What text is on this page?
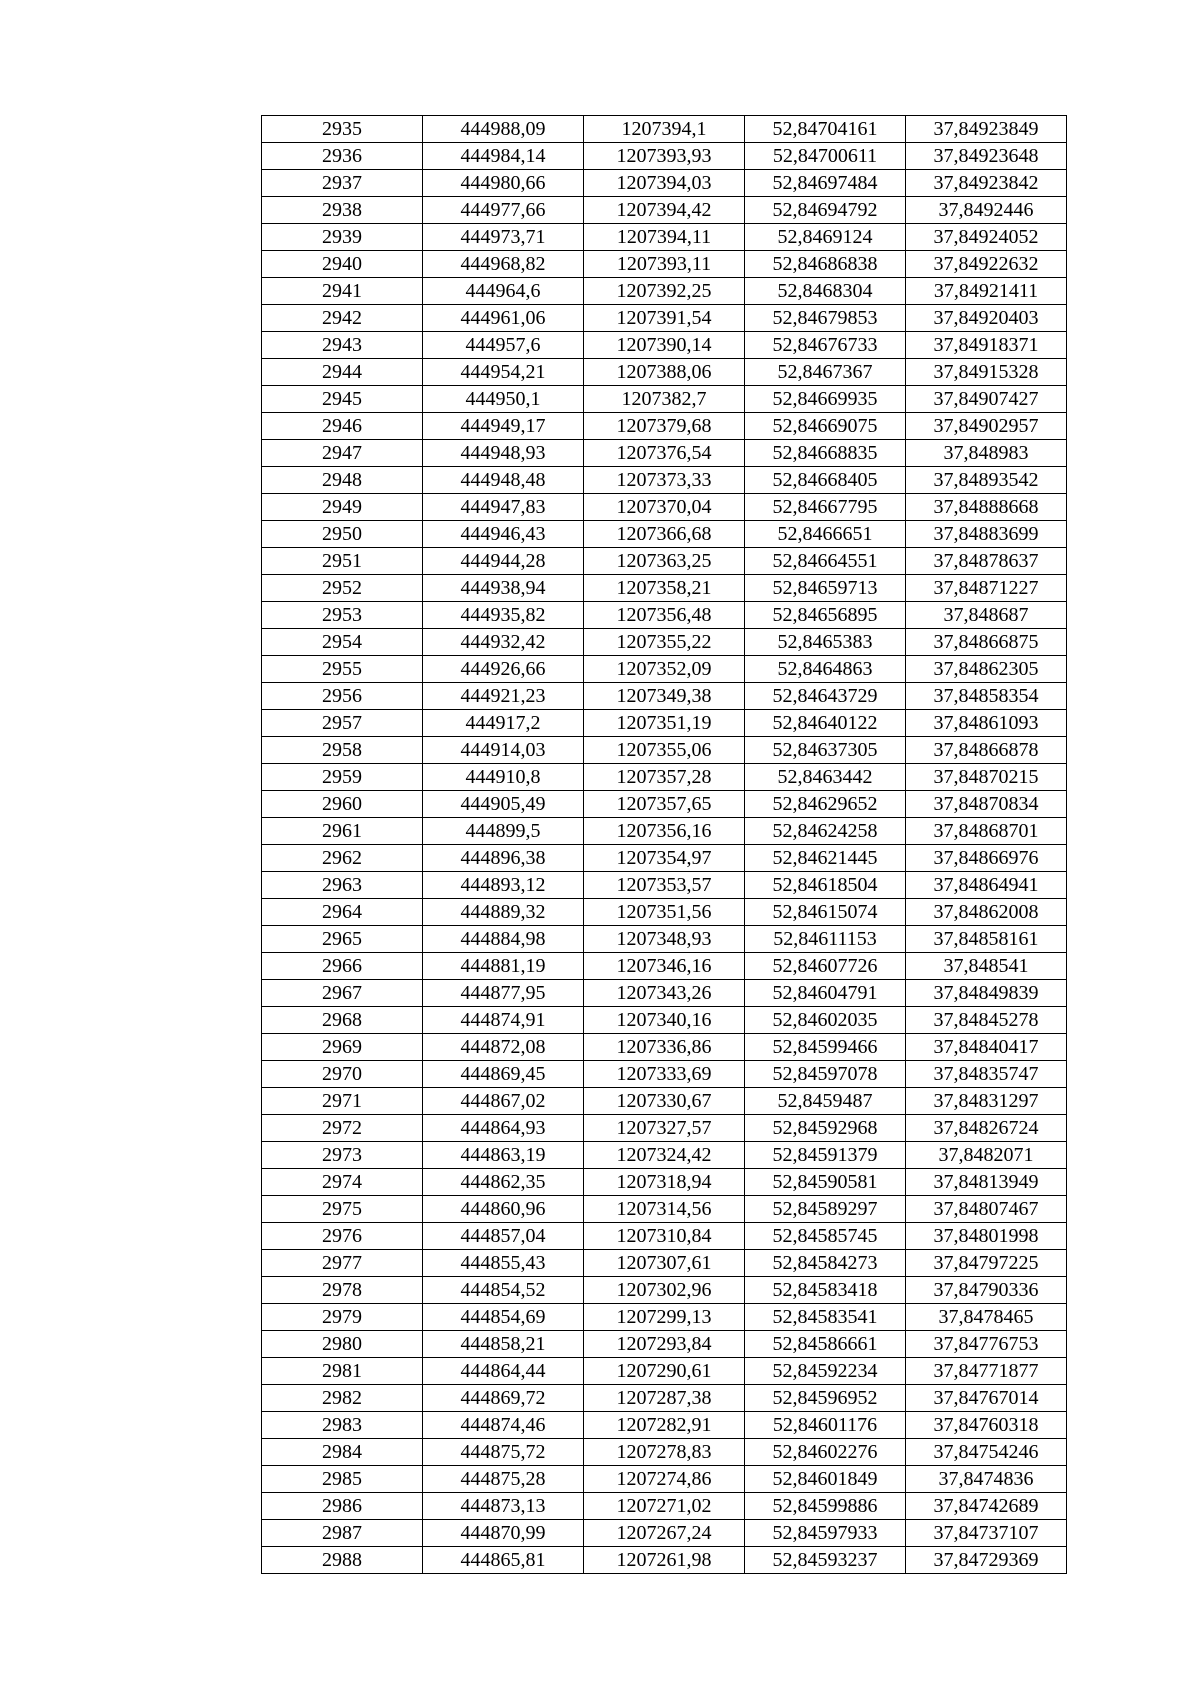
2935	444988,09	1207394,1	52,84704161	37,84923849
2936	444984,14	1207393,93	52,84700611	37,84923648
2937	444980,66	1207394,03	52,84697484	37,84923842
2938	444977,66	1207394,42	52,84694792	37,8492446
2939	444973,71	1207394,11	52,8469124	37,84924052
2940	444968,82	1207393,11	52,84686838	37,84922632
2941	444964,6	1207392,25	52,8468304	37,84921411
2942	444961,06	1207391,54	52,84679853	37,84920403
2943	444957,6	1207390,14	52,84676733	37,84918371
2944	444954,21	1207388,06	52,8467367	37,84915328
2945	444950,1	1207382,7	52,84669935	37,84907427
2946	444949,17	1207379,68	52,84669075	37,84902957
2947	444948,93	1207376,54	52,84668835	37,848983
2948	444948,48	1207373,33	52,84668405	37,84893542
2949	444947,83	1207370,04	52,84667795	37,84888668
2950	444946,43	1207366,68	52,8466651	37,84883699
2951	444944,28	1207363,25	52,84664551	37,84878637
2952	444938,94	1207358,21	52,84659713	37,84871227
2953	444935,82	1207356,48	52,84656895	37,848687
2954	444932,42	1207355,22	52,8465383	37,84866875
2955	444926,66	1207352,09	52,8464863	37,84862305
2956	444921,23	1207349,38	52,84643729	37,84858354
2957	444917,2	1207351,19	52,84640122	37,84861093
2958	444914,03	1207355,06	52,84637305	37,84866878
2959	444910,8	1207357,28	52,8463442	37,84870215
2960	444905,49	1207357,65	52,84629652	37,84870834
2961	444899,5	1207356,16	52,84624258	37,84868701
2962	444896,38	1207354,97	52,84621445	37,84866976
2963	444893,12	1207353,57	52,84618504	37,84864941
2964	444889,32	1207351,56	52,84615074	37,84862008
2965	444884,98	1207348,93	52,84611153	37,84858161
2966	444881,19	1207346,16	52,84607726	37,848541
2967	444877,95	1207343,26	52,84604791	37,84849839
2968	444874,91	1207340,16	52,84602035	37,84845278
2969	444872,08	1207336,86	52,84599466	37,84840417
2970	444869,45	1207333,69	52,84597078	37,84835747
2971	444867,02	1207330,67	52,8459487	37,84831297
2972	444864,93	1207327,57	52,84592968	37,84826724
2973	444863,19	1207324,42	52,84591379	37,8482071
2974	444862,35	1207318,94	52,84590581	37,84813949
2975	444860,96	1207314,56	52,84589297	37,84807467
2976	444857,04	1207310,84	52,84585745	37,84801998
2977	444855,43	1207307,61	52,84584273	37,84797225
2978	444854,52	1207302,96	52,84583418	37,84790336
2979	444854,69	1207299,13	52,84583541	37,8478465
2980	444858,21	1207293,84	52,84586661	37,84776753
2981	444864,44	1207290,61	52,84592234	37,84771877
2982	444869,72	1207287,38	52,84596952	37,84767014
2983	444874,46	1207282,91	52,84601176	37,84760318
2984	444875,72	1207278,83	52,84602276	37,84754246
2985	444875,28	1207274,86	52,84601849	37,8474836
2986	444873,13	1207271,02	52,84599886	37,84742689
2987	444870,99	1207267,24	52,84597933	37,84737107
2988	444865,81	1207261,98	52,84593237	37,84729369
